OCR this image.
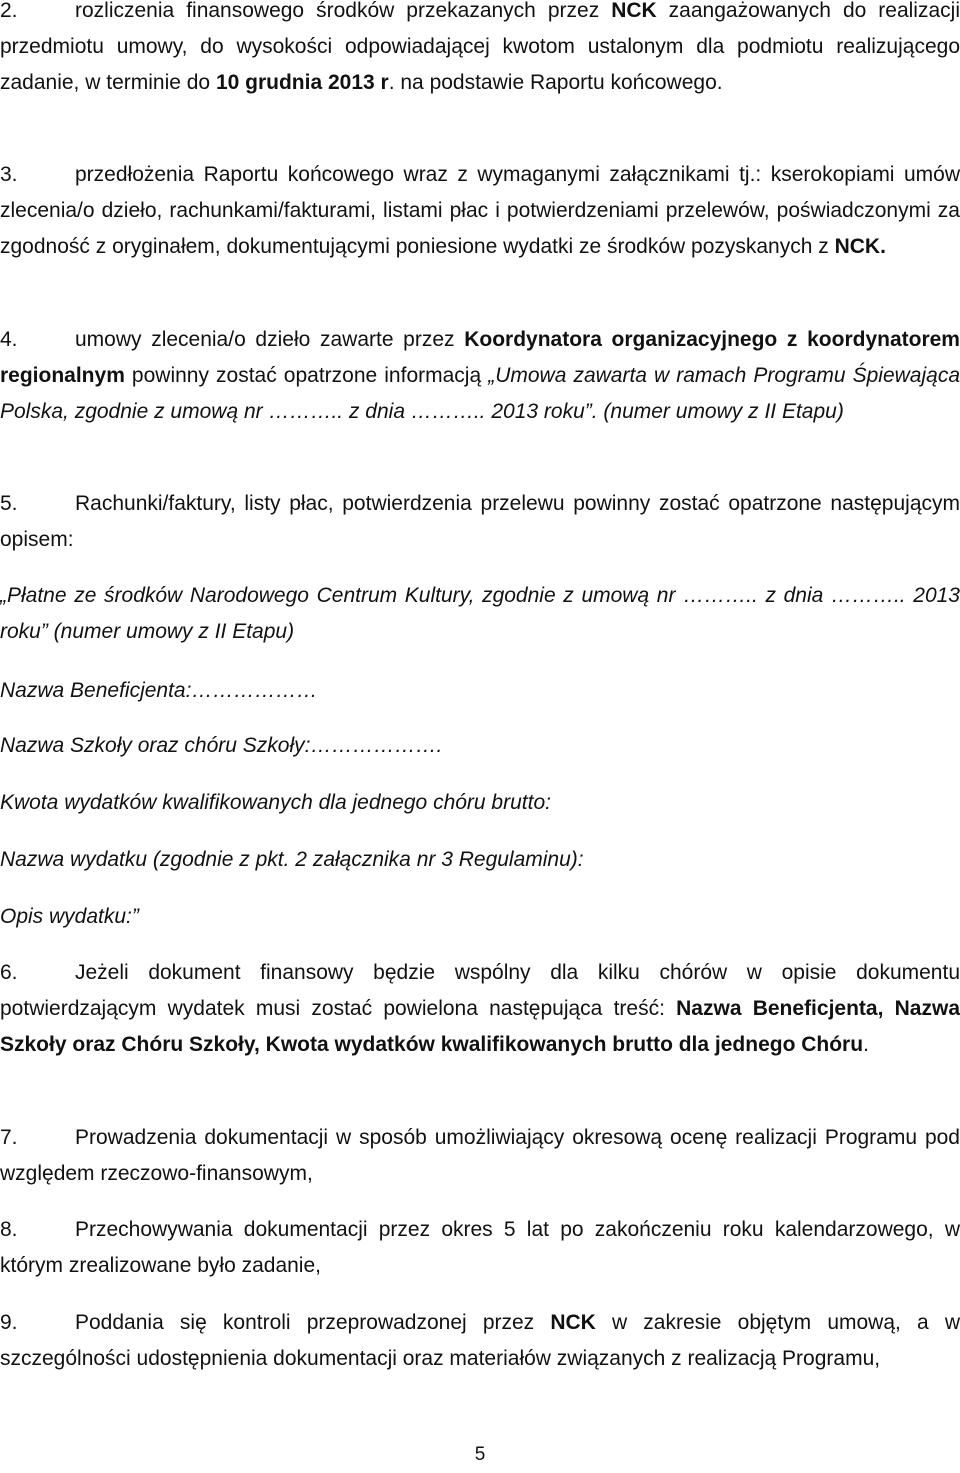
2.	rozliczenia finansowego środków przekazanych przez NCK zaangażowanych do realizacji przedmiotu umowy, do wysokości odpowiadającej kwotom ustalonym dla podmiotu realizującego zadanie, w terminie do 10 grudnia 2013 r. na podstawie Raportu końcowego.

3.	przedłożenia Raportu końcowego wraz z wymaganymi załącznikami tj.: kserokopiami umów zlecenia/o dzieło, rachunkami/fakturami, listami płac i potwierdzeniami przelewów, poświadczonymi za zgodność z oryginałem, dokumentującymi poniesione wydatki ze środków pozyskanych z NCK.

4.	umowy zlecenia/o dzieło zawarte przez Koordynatora organizacyjnego z koordynatorem regionalnym powinny zostać opatrzone informacją „Umowa zawarta w ramach Programu Śpiewająca Polska, zgodnie z umową nr ……….. z dnia ……….. 2013 roku”. (numer umowy z II Etapu)

5.	Rachunki/faktury, listy płac, potwierdzenia przelewu powinny zostać opatrzone następującym opisem:

„Płatne ze środków Narodowego Centrum Kultury, zgodnie z umową nr ……….. z dnia ……….. 2013 roku” (numer umowy z II Etapu)

Nazwa Beneficjenta:………………

Nazwa Szkoły oraz chóru Szkoły:……………….

Kwota wydatków kwalifikowanych dla jednego chóru brutto:

Nazwa wydatku (zgodnie z pkt. 2 załącznika nr 3 Regulaminu):

Opis wydatku:”

6.	Jeżeli dokument finansowy będzie wspólny dla kilku chórów w opisie dokumentu potwierdzającym wydatek musi zostać powielona następująca treść: Nazwa Beneficjenta, Nazwa Szkoły oraz Chóru Szkoły, Kwota wydatków kwalifikowanych brutto dla jednego Chóru.

7.	Prowadzenia dokumentacji w sposób umożliwiający okresową ocenę realizacji Programu pod względem rzeczowo-finansowym,

8.	Przechowywania dokumentacji przez okres 5 lat po zakończeniu roku kalendarzowego, w którym zrealizowane było zadanie,

9.	Poddania się kontroli przeprowadzonej przez NCK w zakresie objętym umową, a w szczególności udostępnienia dokumentacji oraz materiałów związanych z realizacją Programu,

5
